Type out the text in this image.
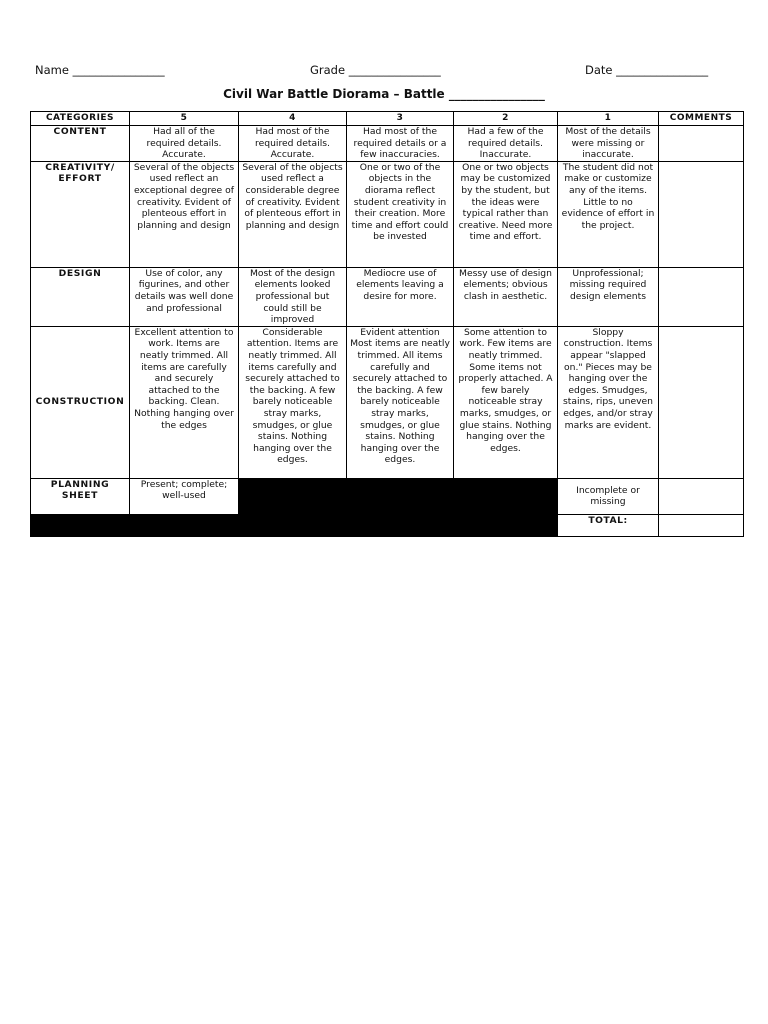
Name ________________	Grade ________________	Date ________________
Civil War Battle Diorama – Battle ________________
CATEGORIES	5	4	3	2	1	COMMENTS
CONTENT	Had all of the required details. Accurate.	Had most of the required details. Accurate.	Had most of the required details or a few inaccuracies.	Had a few of the required details. Inaccurate.	Most of the details were missing or inaccurate.	
CREATIVITY/ EFFORT	Several of the objects used reflect an exceptional degree of creativity. Evident of plenteous effort in planning and design	Several of the objects used reflect a considerable degree of creativity. Evident of plenteous effort in planning and design	One or two of the objects in the diorama reflect student creativity in their creation. More time and effort could be invested	One or two objects may be customized by the student, but the ideas were typical rather than creative. Need more time and effort.	The student did not make or customize any of the items. Little to no evidence of effort in the project.	
DESIGN	Use of color, any figurines, and other details was well done and professional	Most of the design elements looked professional but could still be improved	Mediocre use of elements leaving a desire for more.	Messy use of design elements; obvious clash in aesthetic.	Unprofessional; missing required design elements	
CONSTRUCTION	Excellent attention to work. Items are neatly trimmed. All items are carefully and securely attached to the backing. Clean. Nothing hanging over the edges	Considerable attention. Items are neatly trimmed. All items carefully and securely attached to the backing. A few barely noticeable stray marks, smudges, or glue stains. Nothing hanging over the edges.	Evident attention Most items are neatly trimmed. All items carefully and securely attached to the backing. A few barely noticeable stray marks, smudges, or glue stains. Nothing hanging over the edges.	Some attention to work. Few items are neatly trimmed. Some items not properly attached. A few barely noticeable stray marks, smudges, or glue stains. Nothing hanging over the edges.	Sloppy construction. Items appear "slapped on." Pieces may be hanging over the edges. Smudges, stains, rips, uneven edges, and/or stray marks are evident.	
PLANNING SHEET	Present; complete; well-used				Incomplete or missing	
					TOTAL:	
